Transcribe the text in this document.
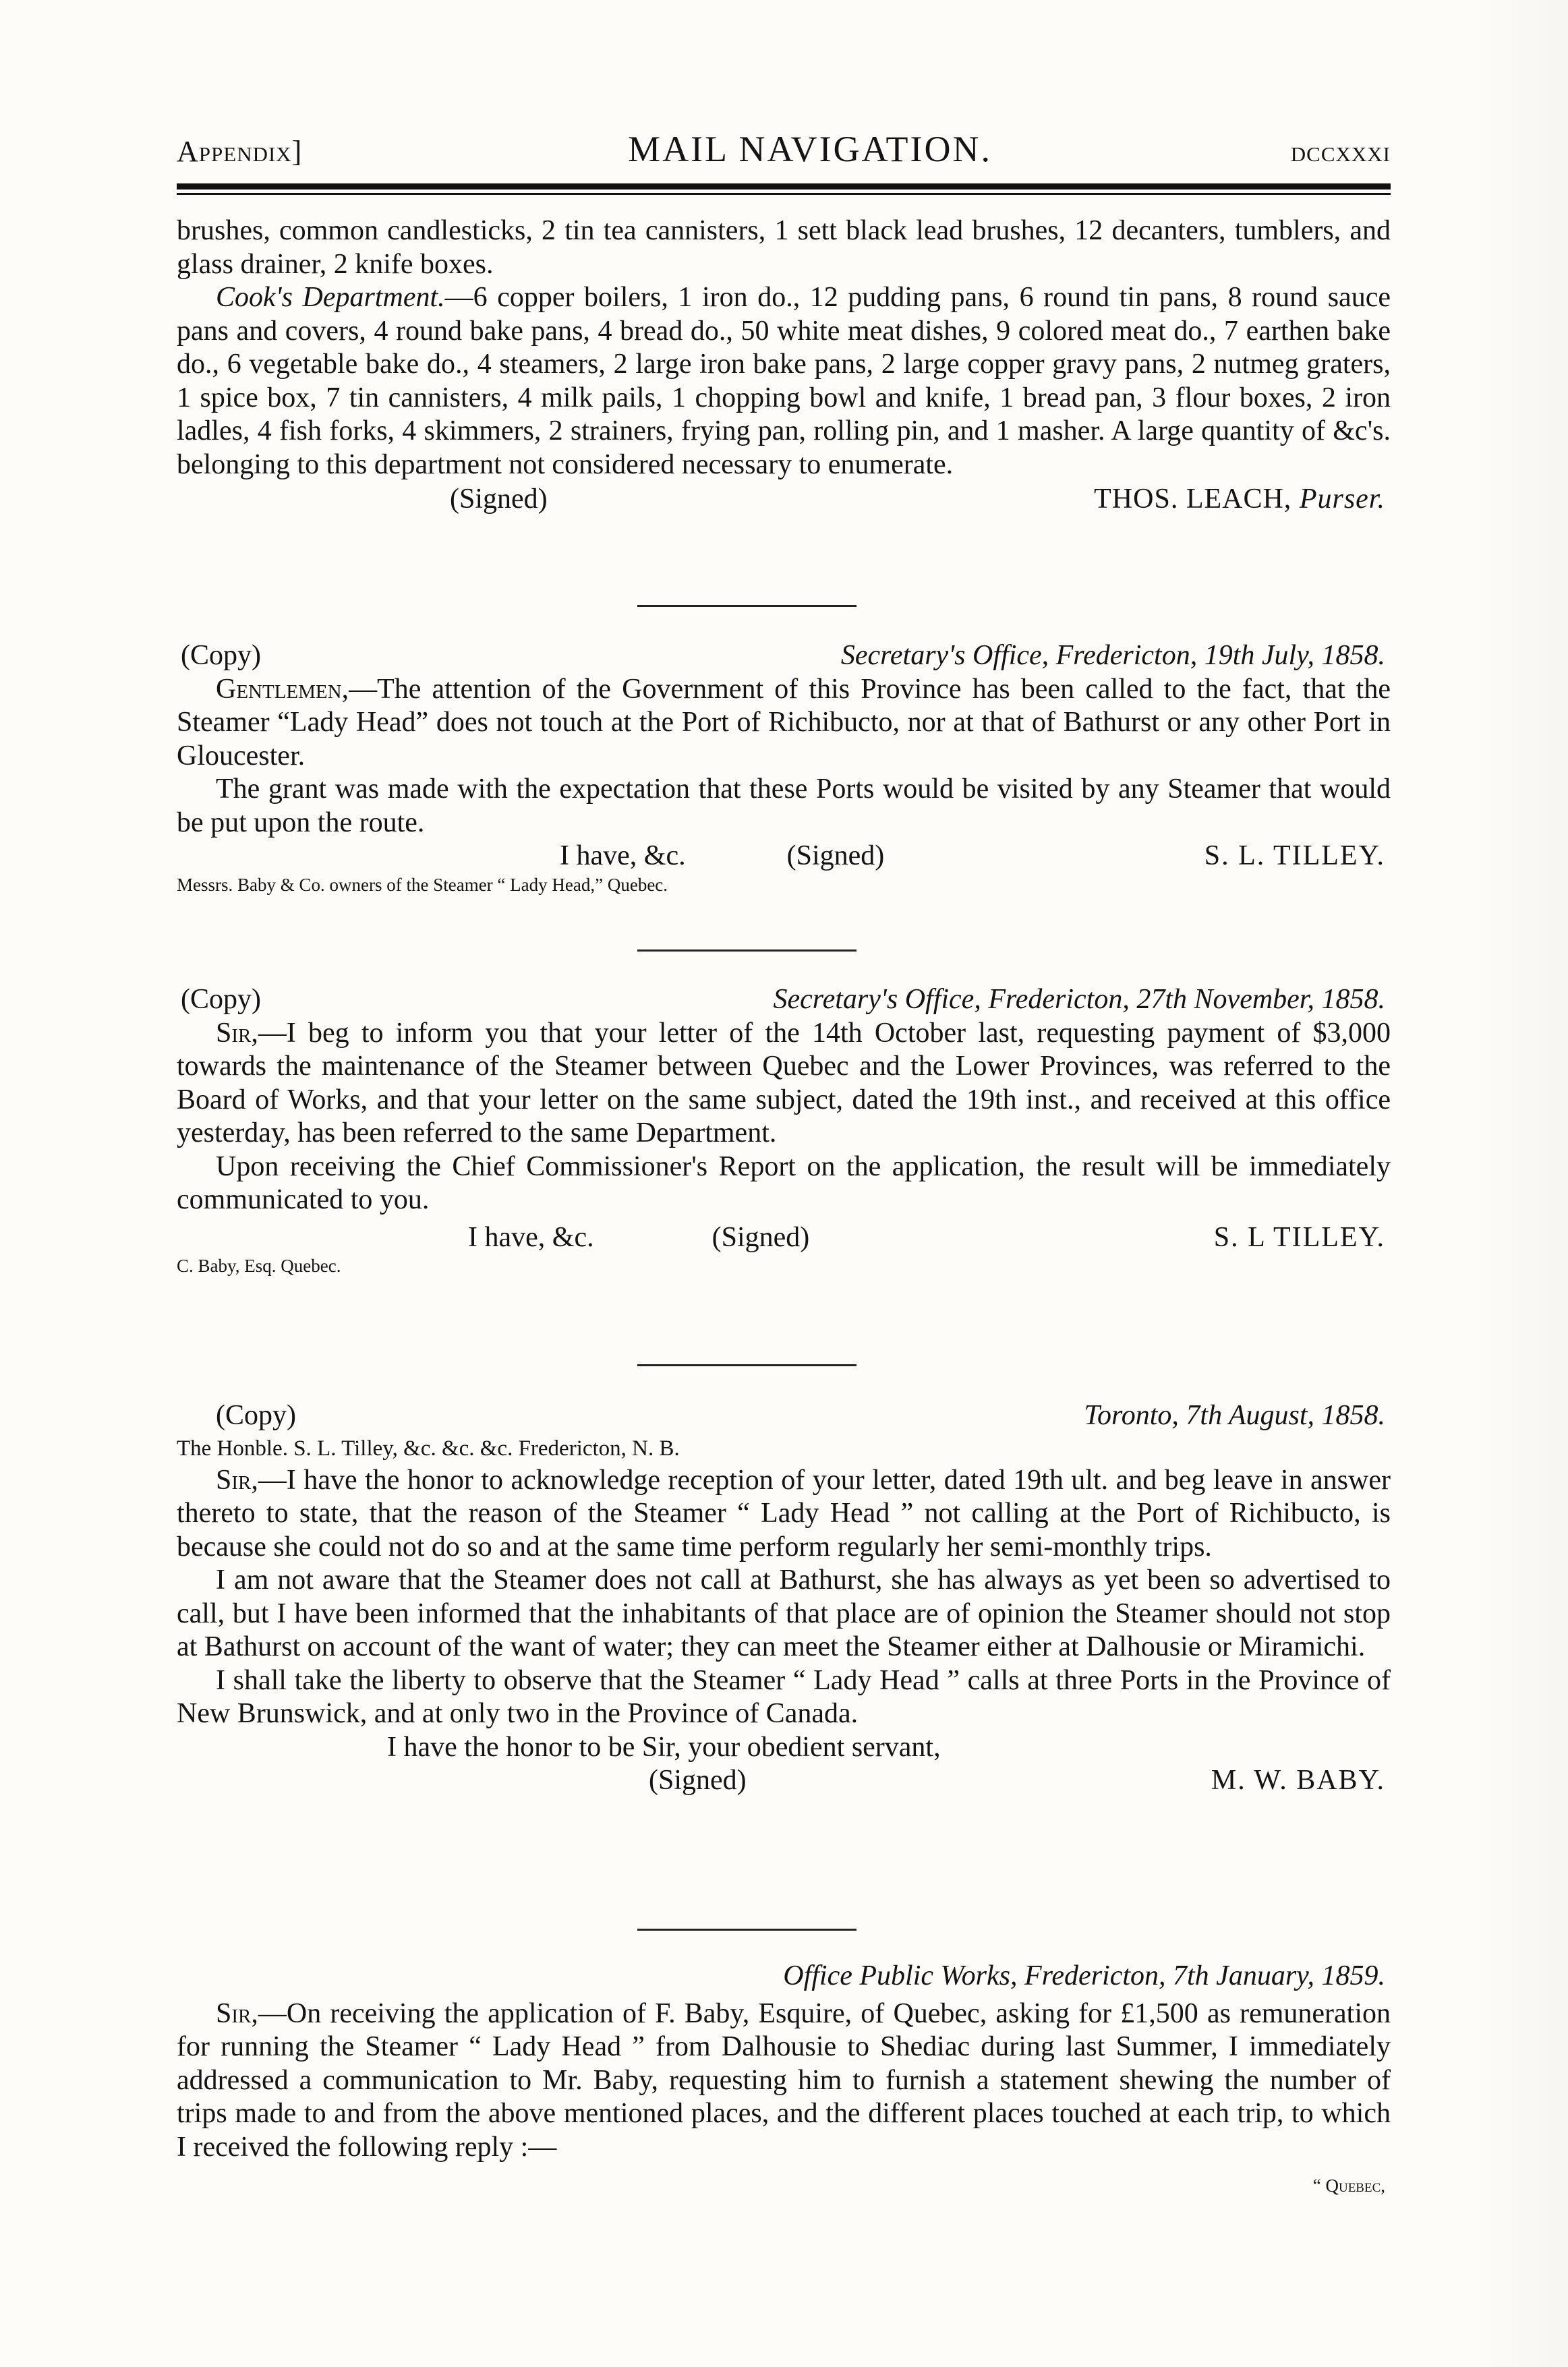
Appendix]	MAIL NAVIGATION.	dccxxxi

brushes, common candlesticks, 2 tin tea cannisters, 1 sett black lead brushes, 12 decanters, tumblers, and glass drainer, 2 knife boxes.

Cook's Department.—6 copper boilers, 1 iron do., 12 pudding pans, 6 round tin pans, 8 round sauce pans and covers, 4 round bake pans, 4 bread do., 50 white meat dishes, 9 colored meat do., 7 earthen bake do., 6 vegetable bake do., 4 steamers, 2 large iron bake pans, 2 large copper gravy pans, 2 nutmeg graters, 1 spice box, 7 tin cannisters, 4 milk pails, 1 chopping bowl and knife, 1 bread pan, 3 flour boxes, 2 iron ladles, 4 fish forks, 4 skimmers, 2 strainers, frying pan, rolling pin, and 1 masher. A large quantity of &c's. belonging to this department not considered necessary to enumerate.

(Signed)	THOS. LEACH, Purser.
(Copy)	Secretary's Office, Fredericton, 19th July, 1858.

Gentlemen,—The attention of the Government of this Province has been called to the fact, that the Steamer “Lady Head” does not touch at the Port of Richibucto, nor at that of Bathurst or any other Port in Gloucester.

The grant was made with the expectation that these Ports would be visited by any Steamer that would be put upon the route.

I have, &c.	(Signed)	S. L. TILLEY.
Messrs. Baby & Co. owners of the Steamer “ Lady Head,” Quebec.
(Copy)	Secretary's Office, Fredericton, 27th November, 1858.

Sir,—I beg to inform you that your letter of the 14th October last, requesting payment of $3,000 towards the maintenance of the Steamer between Quebec and the Lower Provinces, was referred to the Board of Works, and that your letter on the same subject, dated the 19th inst., and received at this office yesterday, has been referred to the same Department.

Upon receiving the Chief Commissioner's Report on the application, the result will be immediately communicated to you.

I have, &c.	(Signed)	S. L TILLEY.
C. Baby, Esq. Quebec.
(Copy)	Toronto, 7th August, 1858.
The Honble. S. L. Tilley, &c. &c. &c. Fredericton, N. B.

Sir,—I have the honor to acknowledge reception of your letter, dated 19th ult. and beg leave in answer thereto to state, that the reason of the Steamer “ Lady Head ” not calling at the Port of Richibucto, is because she could not do so and at the same time perform regularly her semi-monthly trips.

I am not aware that the Steamer does not call at Bathurst, she has always as yet been so advertised to call, but I have been informed that the inhabitants of that place are of opinion the Steamer should not stop at Bathurst on account of the want of water; they can meet the Steamer either at Dalhousie or Miramichi.

I shall take the liberty to observe that the Steamer “ Lady Head ” calls at three Ports in the Province of New Brunswick, and at only two in the Province of Canada.

I have the honor to be Sir, your obedient servant,
(Signed)	M. W. BABY.
Office Public Works, Fredericton, 7th January, 1859.

Sir,—On receiving the application of F. Baby, Esquire, of Quebec, asking for £1,500 as remuneration for running the Steamer “ Lady Head ” from Dalhousie to Shediac during last Summer, I immediately addressed a communication to Mr. Baby, requesting him to furnish a statement shewing the number of trips made to and from the above mentioned places, and the different places touched at each trip, to which I received the following reply :—

“ Quebec,
